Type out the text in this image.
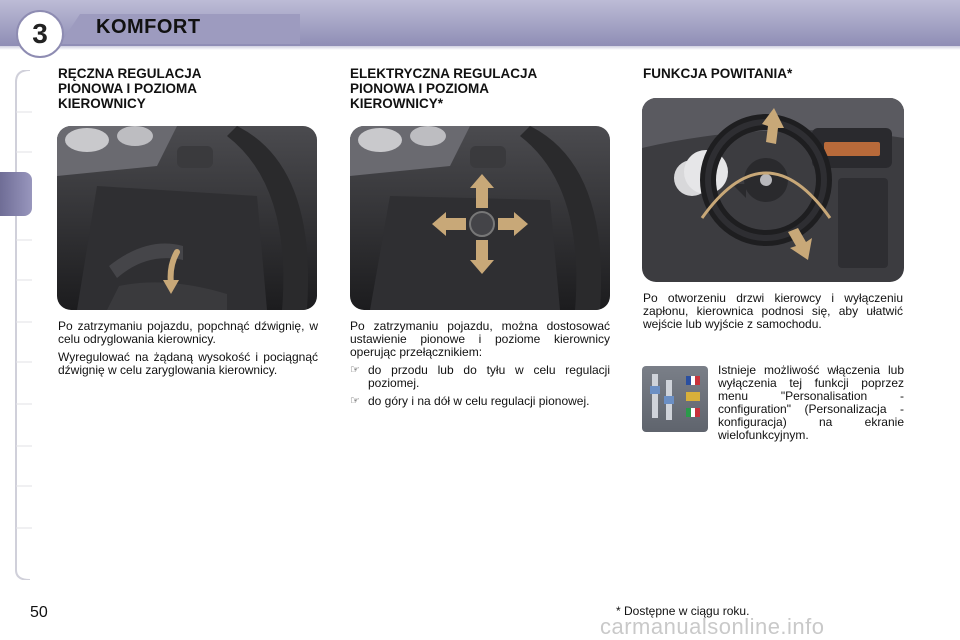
3 KOMFORT
RĘCZNA REGULACJA
PIONOWA I POZIOMA
KIEROWNICY

Po zatrzymaniu pojazdu, popchnąć dźwignię, w celu odryglowania kierownicy.

Wyregulować na żądaną wysokość i pociągnąć dźwignię w celu zaryglowania kierownicy.

ELEKTRYCZNA REGULACJA
PIONOWA I POZIOMA
KIEROWNICY*

Po zatrzymaniu pojazdu, można dostosować ustawienie pionowe i poziome kierownicy operując przełącznikiem:

☞ do przodu lub do tyłu w celu regulacji poziomej.
☞ do góry i na dół w celu regulacji pionowej.
FUNKCJA POWITANIA*
Po otworzeniu drzwi kierowcy i wyłączeniu zapłonu, kierownica podnosi się, aby ułatwić wejście lub wyjście z samochodu.
Istnieje możliwość włączenia lub wyłączenia tej funkcji poprzez menu "Personalisation - configuration" (Personalizacja - konfiguracja) na ekranie wielofunkcyjnym.
50	* Dostępne w ciągu roku.
carmanualsonline.info
